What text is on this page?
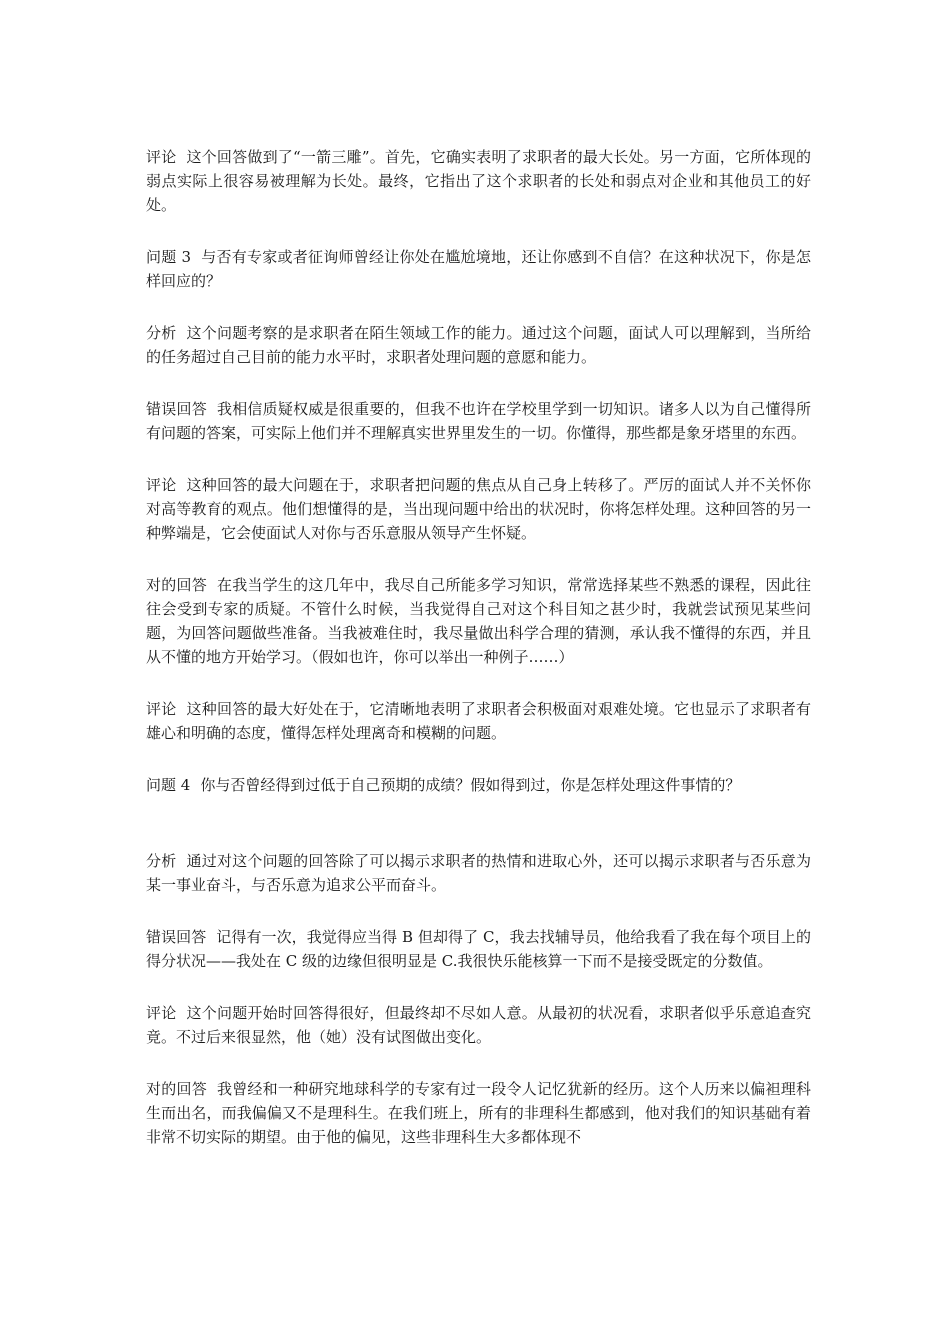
评论 这个回答做到了“一箭三雕”。首先，它确实表明了求职者的最大长处。另一方面，它所体现的弱点实际上很容易被理解为长处。最终，它指出了这个求职者的长处和弱点对企业和其他员工的好处。

问题 3 与否有专家或者征询师曾经让你处在尴尬境地，还让你感到不自信？在这种状况下，你是怎样回应的？

分析 这个问题考察的是求职者在陌生领域工作的能力。通过这个问题，面试人可以理解到，当所给的任务超过自己目前的能力水平时，求职者处理问题的意愿和能力。

错误回答 我相信质疑权威是很重要的，但我不也许在学校里学到一切知识。诸多人以为自己懂得所有问题的答案，可实际上他们并不理解真实世界里发生的一切。你懂得，那些都是象牙塔里的东西。

评论 这种回答的最大问题在于，求职者把问题的焦点从自己身上转移了。严厉的面试人并不关怀你对高等教育的观点。他们想懂得的是，当出现问题中给出的状况时，你将怎样处理。这种回答的另一种弊端是，它会使面试人对你与否乐意服从领导产生怀疑。

对的回答 在我当学生的这几年中，我尽自己所能多学习知识，常常选择某些不熟悉的课程，因此往往会受到专家的质疑。不管什么时候，当我觉得自己对这个科目知之甚少时，我就尝试预见某些问题，为回答问题做些准备。当我被难住时，我尽量做出科学合理的猜测，承认我不懂得的东西，并且从不懂的地方开始学习。（假如也许，你可以举出一种例子……）

评论 这种回答的最大好处在于，它清晰地表明了求职者会积极面对艰难处境。它也显示了求职者有雄心和明确的态度，懂得怎样处理离奇和模糊的问题。

问题 4 你与否曾经得到过低于自己预期的成绩？假如得到过，你是怎样处理这件事情的？

分析 通过对这个问题的回答除了可以揭示求职者的热情和进取心外，还可以揭示求职者与否乐意为某一事业奋斗，与否乐意为追求公平而奋斗。

错误回答 记得有一次，我觉得应当得 B 但却得了 C，我去找辅导员，他给我看了我在每个项目上的得分状况——我处在 C 级的边缘但很明显是 C.我很快乐能核算一下而不是接受既定的分数值。

评论 这个问题开始时回答得很好，但最终却不尽如人意。从最初的状况看，求职者似乎乐意追查究竟。不过后来很显然，他（她）没有试图做出变化。

对的回答 我曾经和一种研究地球科学的专家有过一段令人记忆犹新的经历。这个人历来以偏袒理科生而出名，而我偏偏又不是理科生。在我们班上，所有的非理科生都感到，他对我们的知识基础有着非常不切实际的期望。由于他的偏见，这些非理科生大多都体现不
